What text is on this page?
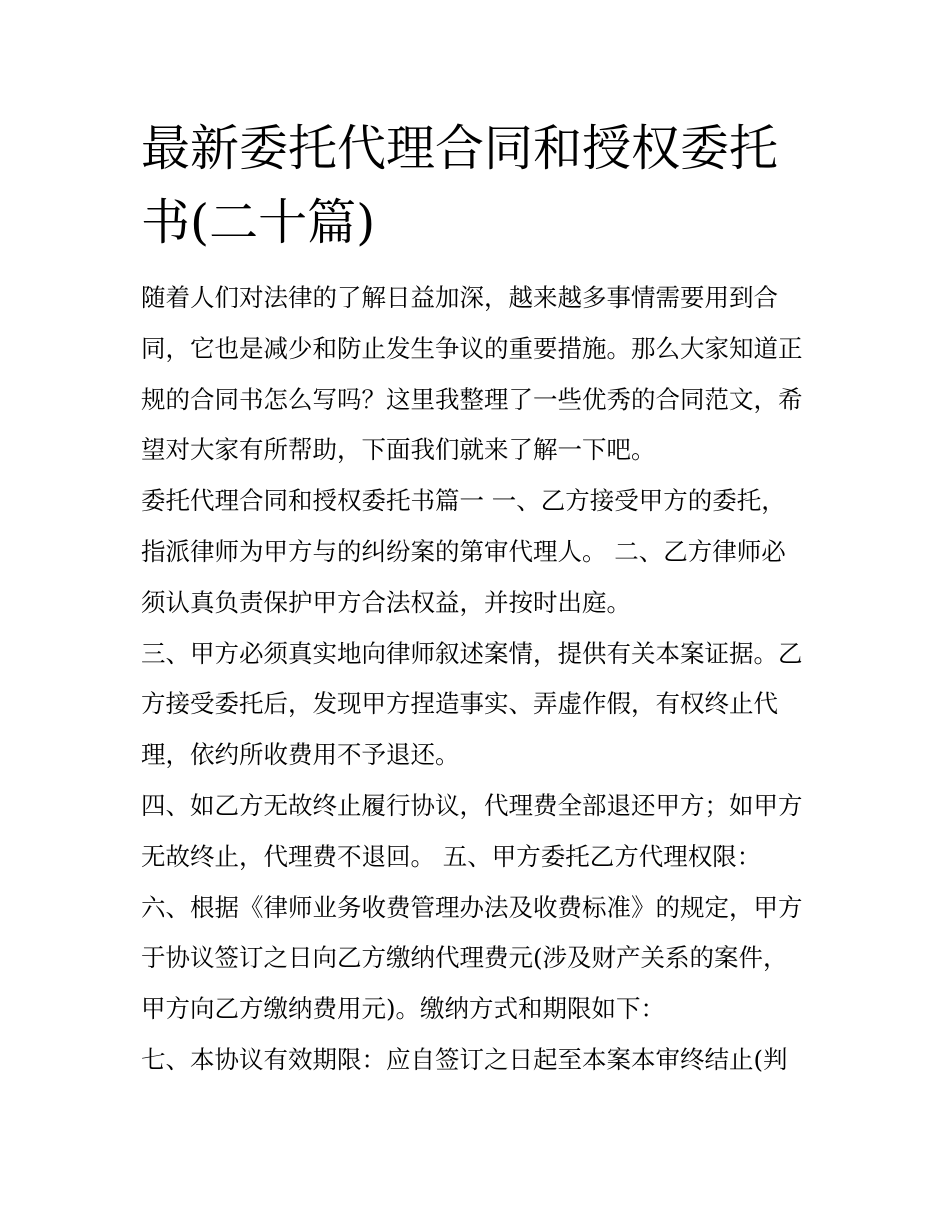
最新委托代理合同和授权委托
书(二十篇)
随着人们对法律的了解日益加深，越来越多事情需要用到合
同，它也是减少和防止发生争议的重要措施。那么大家知道正
规的合同书怎么写吗？这里我整理了一些优秀的合同范文，希
望对大家有所帮助，下面我们就来了解一下吧。
委托代理合同和授权委托书篇一 一、乙方接受甲方的委托，
指派律师为甲方与的纠纷案的第审代理人。 二、乙方律师必
须认真负责保护甲方合法权益，并按时出庭。
三、甲方必须真实地向律师叙述案情，提供有关本案证据。乙
方接受委托后，发现甲方捏造事实、弄虚作假，有权终止代
理，依约所收费用不予退还。
四、如乙方无故终止履行协议，代理费全部退还甲方；如甲方
无故终止，代理费不退回。 五、甲方委托乙方代理权限：
六、根据《律师业务收费管理办法及收费标准》的规定，甲方
于协议签订之日向乙方缴纳代理费元(涉及财产关系的案件，
甲方向乙方缴纳费用元)。缴纳方式和期限如下：
七、本协议有效期限：应自签订之日起至本案本审终结止(判
